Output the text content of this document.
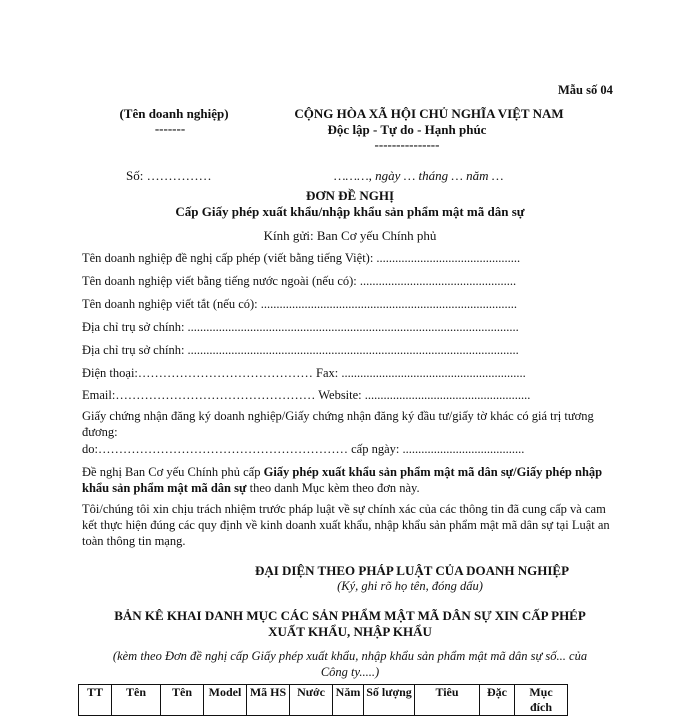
Mẫu số 04
(Tên doanh nghiệp)
-------
CỘNG HÒA XÃ HỘI CHỦ NGHĨA VIỆT NAM
Độc lập - Tự do - Hạnh phúc
---------------
Số: ……………	………, ngày … tháng … năm …
ĐƠN ĐỀ NGHỊ
Cấp Giấy phép xuất khẩu/nhập khẩu sản phẩm mật mã dân sự
Kính gửi: Ban Cơ yếu Chính phủ
Tên doanh nghiệp đề nghị cấp phép (viết bằng tiếng Việt): ..............................................
Tên doanh nghiệp viết bằng tiếng nước ngoài (nếu có): ..................................................
Tên doanh nghiệp viết tắt (nếu có): ..................................................................................
Địa chỉ trụ sở chính: ..........................................................................................................
Địa chỉ trụ sở chính: ..........................................................................................................
Điện thoại:…………………………………… Fax: ...........................................................
Email:………………………………………… Website: .....................................................
Giấy chứng nhận đăng ký doanh nghiệp/Giấy chứng nhận đăng ký đầu tư/giấy tờ khác có giá trị tương đương:
do:…………………………………………………… cấp ngày: .......................................
Đề nghị Ban Cơ yếu Chính phủ cấp Giấy phép xuất khẩu sản phẩm mật mã dân sự/Giấy phép nhập khẩu sản phẩm mật mã dân sự theo danh Mục kèm theo đơn này.
Tôi/chúng tôi xin chịu trách nhiệm trước pháp luật về sự chính xác của các thông tin đã cung cấp và cam kết thực hiện đúng các quy định về kinh doanh xuất khẩu, nhập khẩu sản phẩm mật mã dân sự tại Luật an toàn thông tin mạng.
ĐẠI DIỆN THEO PHÁP LUẬT CỦA DOANH NGHIỆP
(Ký, ghi rõ họ tên, đóng dấu)
BẢN KÊ KHAI DANH MỤC CÁC SẢN PHẨM MẬT MÃ DÂN SỰ XIN CẤP PHÉP
XUẤT KHẨU, NHẬP KHẨU
(kèm theo Đơn đề nghị cấp Giấy phép xuất khẩu, nhập khẩu sản phẩm mật mã dân sự số... của
Công ty.....)
TT	Tên	Tên	Model	Mã HS	Nước	Năm	Số lượng	Tiêu	Đặc	Mục đích
